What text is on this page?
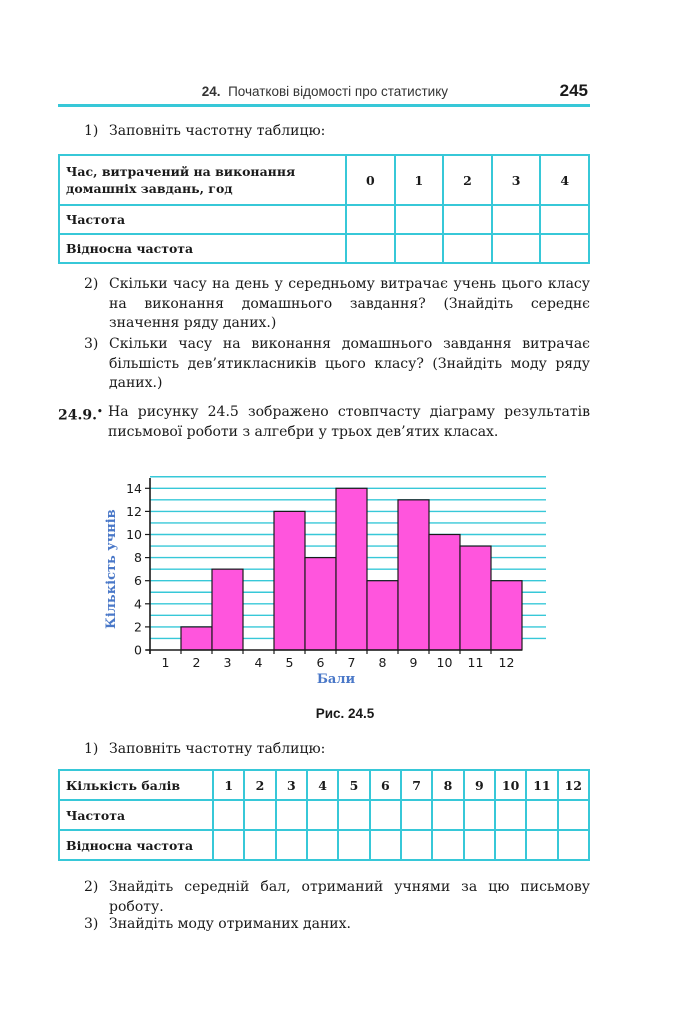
24. Початкові відомості про статистику	245
1) Заповніть частотну таблицю:
Час, витрачений на виконання домашніх завдань, год	0	1	2	3	4
Частота					
Відносна частота					
2) Скільки часу на день у середньому витрачає учень цього класу на виконання домашнього завдання? (Знайдіть середнє значення ряду даних.)
3) Скільки часу на виконання домашнього завдання витрачає більшість дев’ятикласників цього класу? (Знайдіть моду ряду даних.)
24.9.• На рисунку 24.5 зображено стовпчасту діаграму результатів письмової роботи з алгебри у трьох дев’ятих класах.
0
2
4
6
8
10
12
14
1 2 3 4 5 6 7 8 9 10 11 12
Бали
Кількість учнів
Рис. 24.5
1) Заповніть частотну таблицю:
Кількість балів	1	2	3	4	5	6	7	8	9	10	11	12
Частота												
Відносна частота												
2) Знайдіть середній бал, отриманий учнями за цю письмову роботу.
3) Знайдіть моду отриманих даних.
